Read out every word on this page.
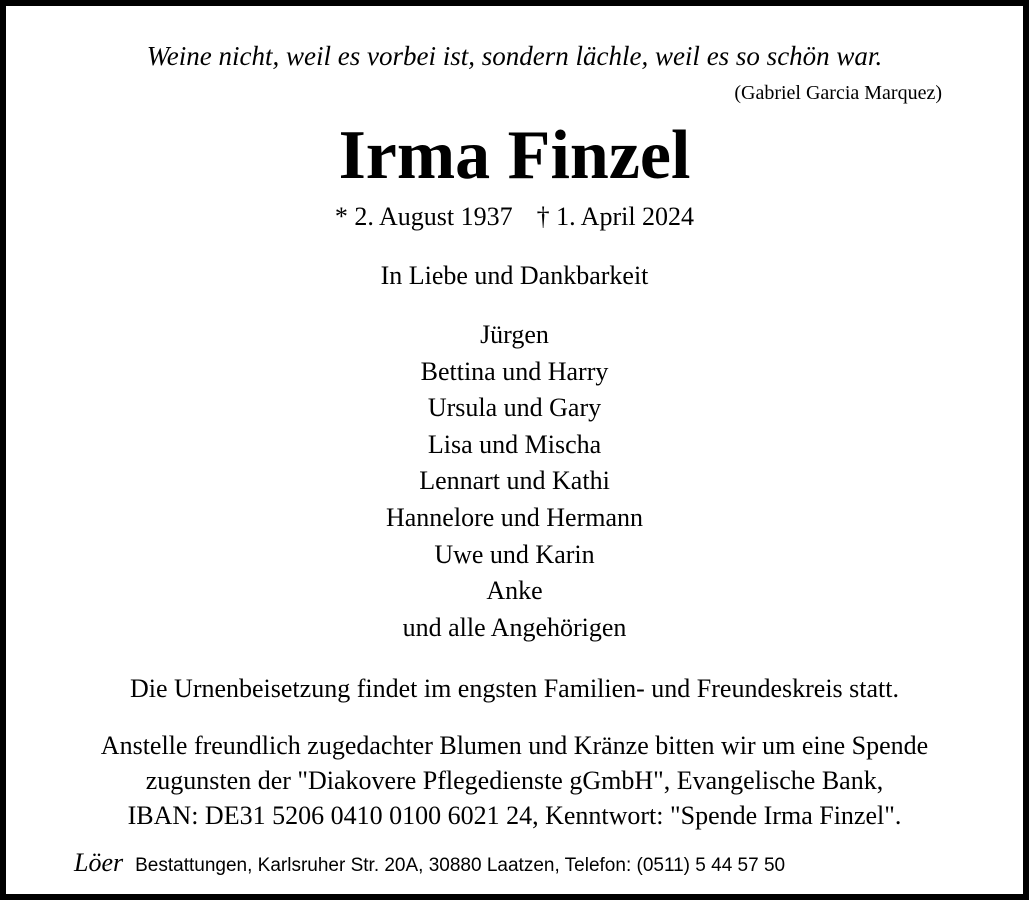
Weine nicht, weil es vorbei ist, sondern lächle, weil es so schön war.
(Gabriel Garcia Marquez)
Irma Finzel
* 2. August 1937 † 1. April 2024
In Liebe und Dankbarkeit
Jürgen
Bettina und Harry
Ursula und Gary
Lisa und Mischa
Lennart und Kathi
Hannelore und Hermann
Uwe und Karin
Anke
und alle Angehörigen
Die Urnenbeisetzung findet im engsten Familien- und Freundeskreis statt.
Anstelle freundlich zugedachter Blumen und Kränze bitten wir um eine Spende
zugunsten der "Diakovere Pflegedienste gGmbH", Evangelische Bank,
IBAN: DE31 5206 0410 0100 6021 24, Kenntwort: "Spende Irma Finzel".
Löer Bestattungen, Karlsruher Str. 20A, 30880 Laatzen, Telefon: (0511) 5 44 57 50
